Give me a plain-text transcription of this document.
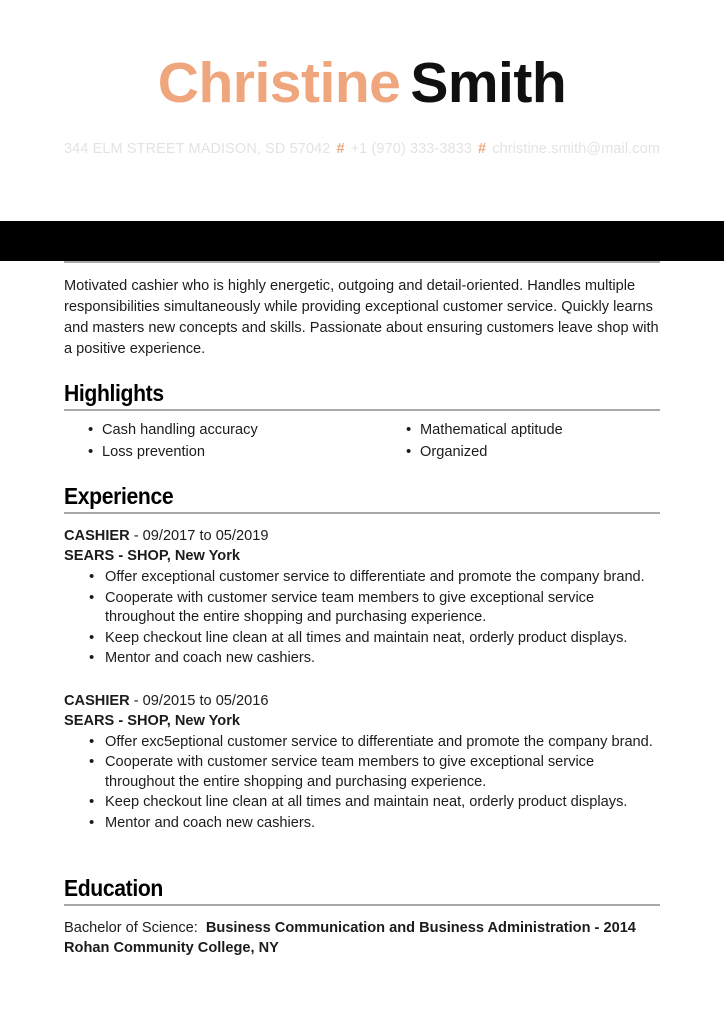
Christine Smith
344 ELM STREET MADISON, SD 57042 # +1 (970) 333-3833 # christine.smith@mail.com

Motivated cashier who is highly energetic, outgoing and detail-oriented. Handles multiple responsibilities simultaneously while providing exceptional customer service. Quickly learns and masters new concepts and skills. Passionate about ensuring customers leave shop with a positive experience.

Highlights
• Cash handling accuracy
• Loss prevention
• Mathematical aptitude
• Organized
Experience
CASHIER - 09/2017 to 05/2019
SEARS - SHOP, New York
• Offer exceptional customer service to differentiate and promote the company brand.
• Cooperate with customer service team members to give exceptional service throughout the entire shopping and purchasing experience.
• Keep checkout line clean at all times and maintain neat, orderly product displays.
• Mentor and coach new cashiers.
CASHIER - 09/2015 to 05/2016
SEARS - SHOP, New York
• Offer exc5eptional customer service to differentiate and promote the company brand.
• Cooperate with customer service team members to give exceptional service throughout the entire shopping and purchasing experience.
• Keep checkout line clean at all times and maintain neat, orderly product displays.
• Mentor and coach new cashiers.
Education
Bachelor of Science: Business Communication and Business Administration - 2014
Rohan Community College, NY
